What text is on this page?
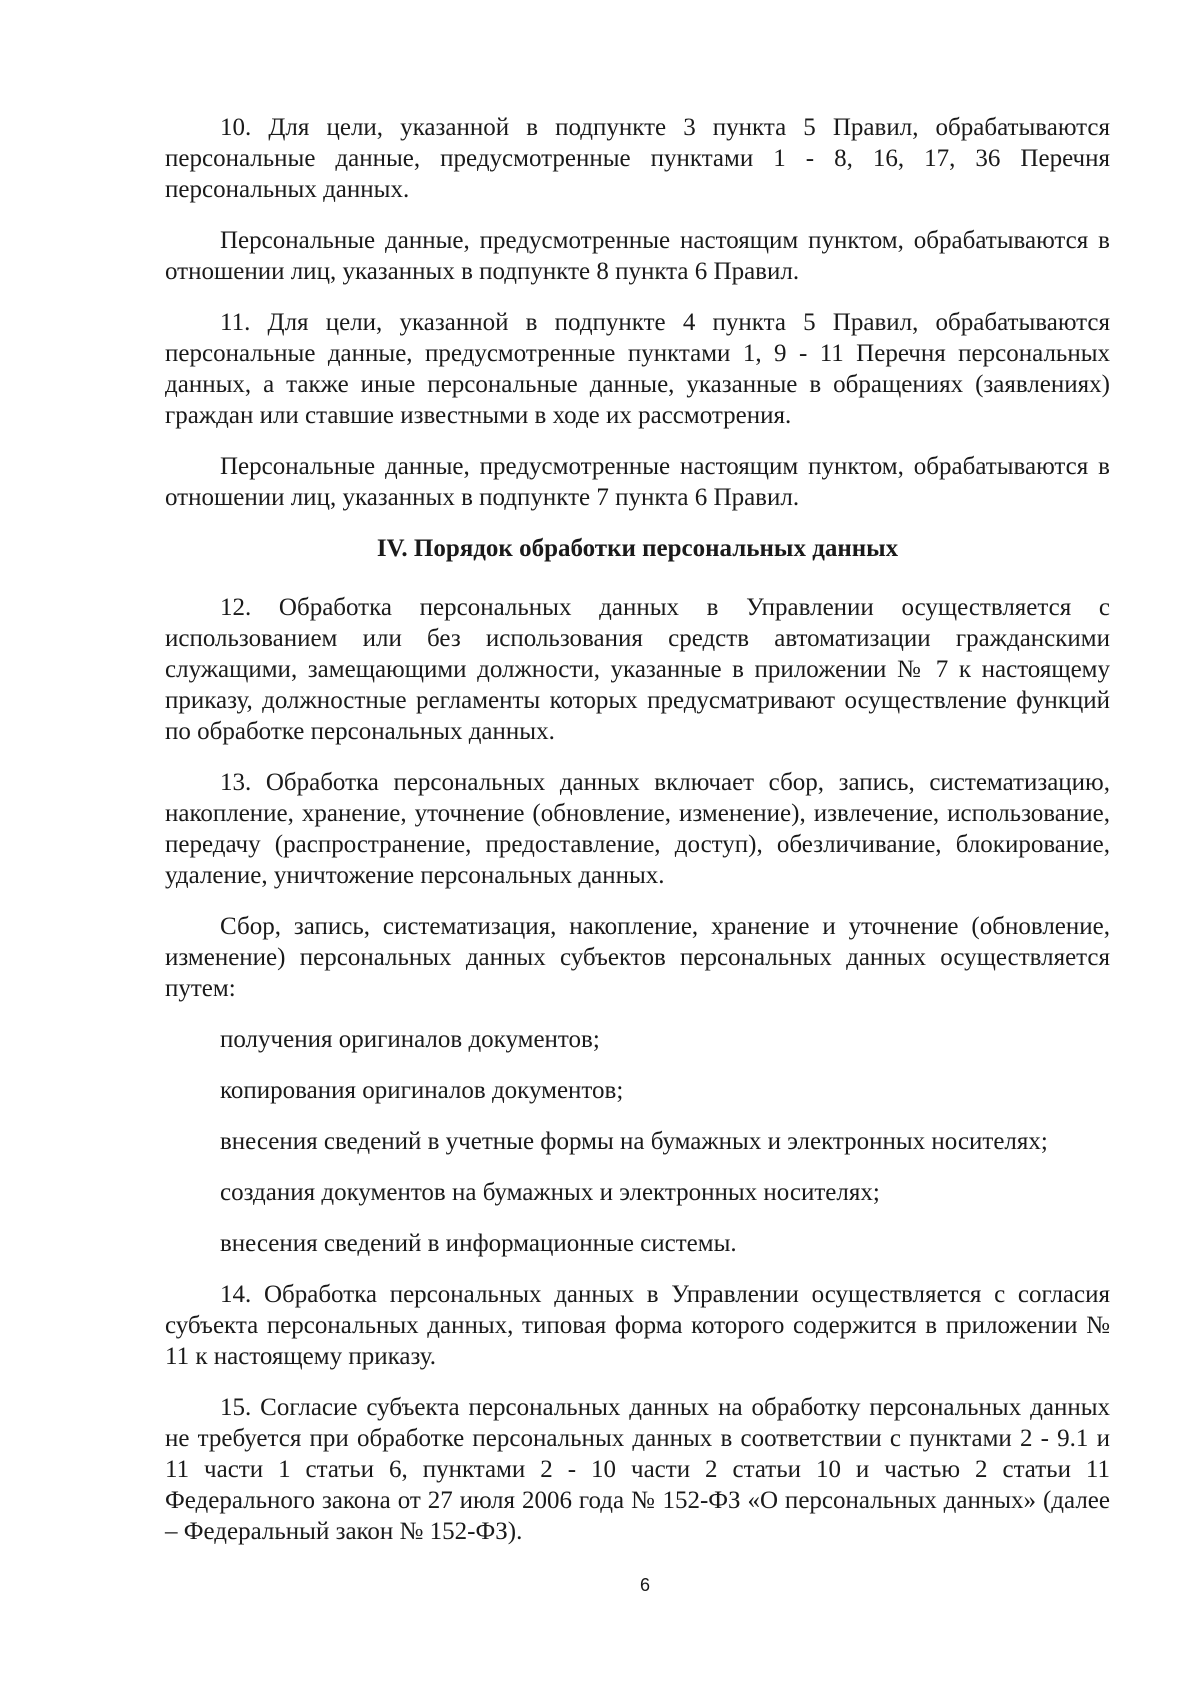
10. Для цели, указанной в подпункте 3 пункта 5 Правил, обрабатываются персональные данные, предусмотренные пунктами 1 - 8, 16, 17, 36 Перечня персональных данных.

Персональные данные, предусмотренные настоящим пунктом, обрабатываются в отношении лиц, указанных в подпункте 8 пункта 6 Правил.

11. Для цели, указанной в подпункте 4 пункта 5 Правил, обрабатываются персональные данные, предусмотренные пунктами 1, 9 - 11 Перечня персональных данных, а также иные персональные данные, указанные в обращениях (заявлениях) граждан или ставшие известными в ходе их рассмотрения.

Персональные данные, предусмотренные настоящим пунктом, обрабатываются в отношении лиц, указанных в подпункте 7 пункта 6 Правил.

IV. Порядок обработки персональных данных

12. Обработка персональных данных в Управлении осуществляется с использованием или без использования средств автоматизации гражданскими служащими, замещающими должности, указанные в приложении № 7 к настоящему приказу, должностные регламенты которых предусматривают осуществление функций по обработке персональных данных.

13. Обработка персональных данных включает сбор, запись, систематизацию, накопление, хранение, уточнение (обновление, изменение), извлечение, использование, передачу (распространение, предоставление, доступ), обезличивание, блокирование, удаление, уничтожение персональных данных.

Сбор, запись, систематизация, накопление, хранение и уточнение (обновление, изменение) персональных данных субъектов персональных данных осуществляется путем:

получения оригиналов документов;

копирования оригиналов документов;

внесения сведений в учетные формы на бумажных и электронных носителях;

создания документов на бумажных и электронных носителях;

внесения сведений в информационные системы.

14. Обработка персональных данных в Управлении осуществляется с согласия субъекта персональных данных, типовая форма которого содержится в приложении № 11 к настоящему приказу.

15. Согласие субъекта персональных данных на обработку персональных данных не требуется при обработке персональных данных в соответствии с пунктами 2 - 9.1 и 11 части 1 статьи 6, пунктами 2 - 10 части 2 статьи 10 и частью 2 статьи 11 Федерального закона от 27 июля 2006 года № 152-ФЗ «О персональных данных» (далее – Федеральный закон № 152-ФЗ).

6
